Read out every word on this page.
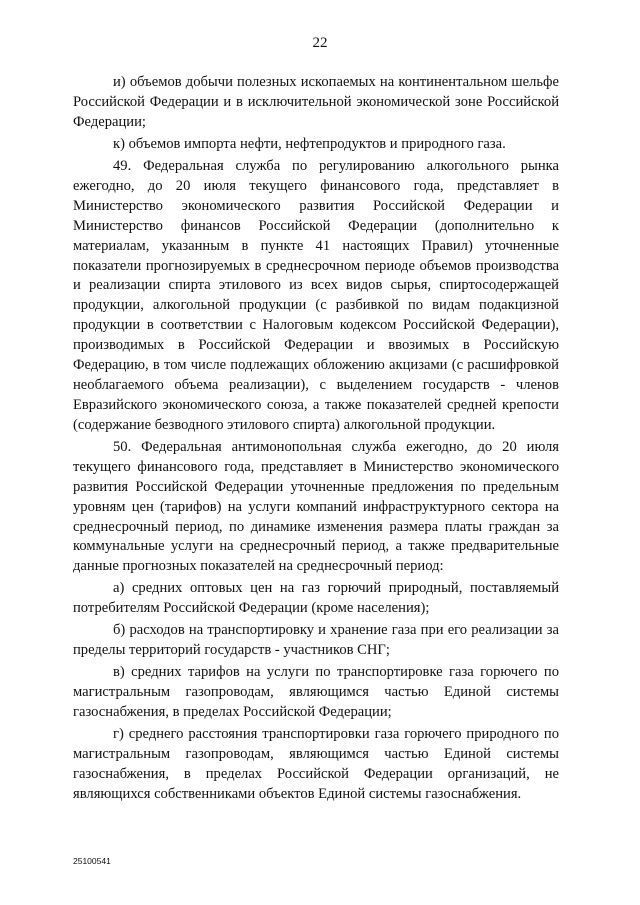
22

и) объемов добычи полезных ископаемых на континентальном шельфе Российской Федерации и в исключительной экономической зоне Российской Федерации;

к) объемов импорта нефти, нефтепродуктов и природного газа.

49. Федеральная служба по регулированию алкогольного рынка ежегодно, до 20 июля текущего финансового года, представляет в Министерство экономического развития Российской Федерации и Министерство финансов Российской Федерации (дополнительно к материалам, указанным в пункте 41 настоящих Правил) уточненные показатели прогнозируемых в среднесрочном периоде объемов производства и реализации спирта этилового из всех видов сырья, спиртосодержащей продукции, алкогольной продукции (с разбивкой по видам подакцизной продукции в соответствии с Налоговым кодексом Российской Федерации), производимых в Российской Федерации и ввозимых в Российскую Федерацию, в том числе подлежащих обложению акцизами (с расшифровкой необлагаемого объема реализации), с выделением государств - членов Евразийского экономического союза, а также показателей средней крепости (содержание безводного этилового спирта) алкогольной продукции.

50. Федеральная антимонопольная служба ежегодно, до 20 июля текущего финансового года, представляет в Министерство экономического развития Российской Федерации уточненные предложения по предельным уровням цен (тарифов) на услуги компаний инфраструктурного сектора на среднесрочный период, по динамике изменения размера платы граждан за коммунальные услуги на среднесрочный период, а также предварительные данные прогнозных показателей на среднесрочный период:

а) средних оптовых цен на газ горючий природный, поставляемый потребителям Российской Федерации (кроме населения);

б) расходов на транспортировку и хранение газа при его реализации за пределы территорий государств - участников СНГ;

в) средних тарифов на услуги по транспортировке газа горючего по магистральным газопроводам, являющимся частью Единой системы газоснабжения, в пределах Российской Федерации;

г) среднего расстояния транспортировки газа горючего природного по магистральным газопроводам, являющимся частью Единой системы газоснабжения, в пределах Российской Федерации организаций, не являющихся собственниками объектов Единой системы газоснабжения.

25100541
